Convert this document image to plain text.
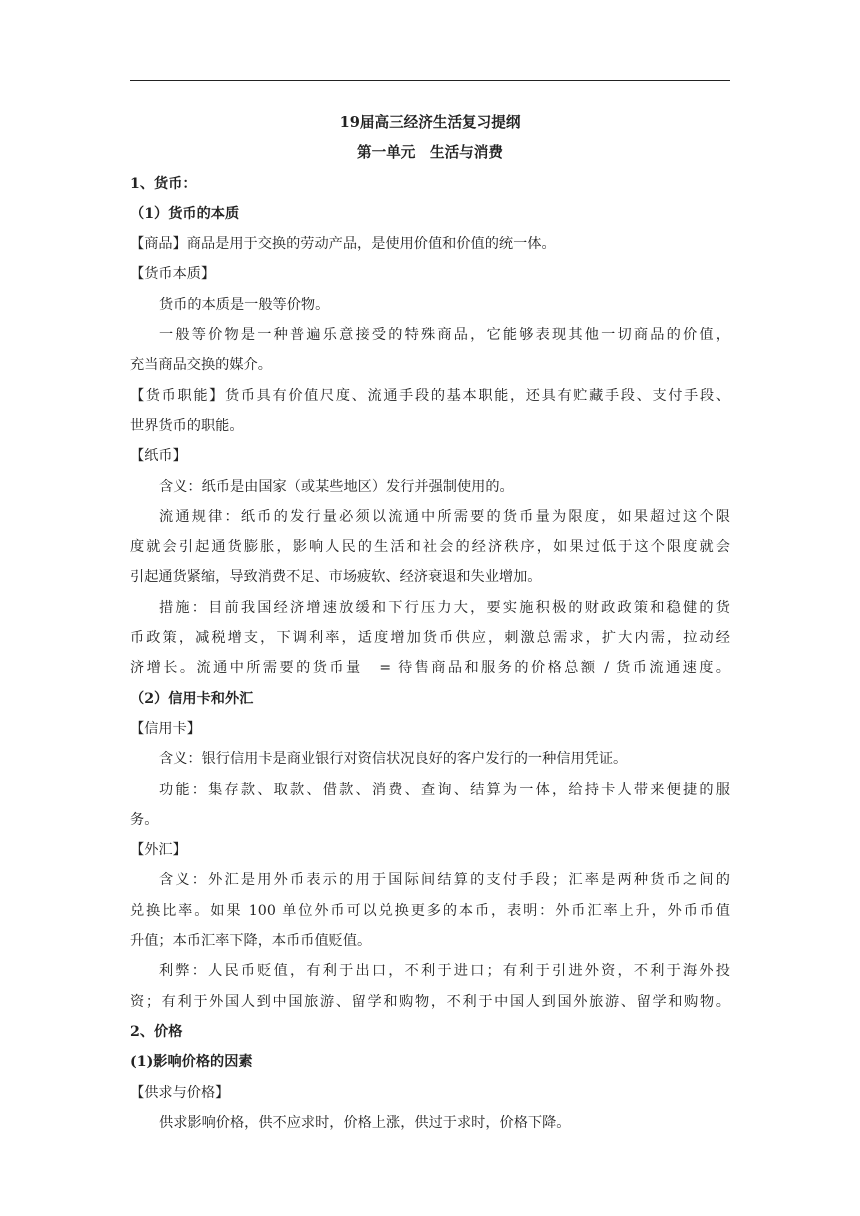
19届高三经济生活复习提纲
第一单元　生活与消费
1、货币：
（1）货币的本质
【商品】商品是用于交换的劳动产品，是使用价值和价值的统一体。
【货币本质】
货币的本质是一般等价物。
一般等价物是一种普遍乐意接受的特殊商品，它能够表现其他一切商品的价值，
充当商品交换的媒介。
【货币职能】货币具有价值尺度、流通手段的基本职能，还具有贮藏手段、支付手段、
世界货币的职能。
【纸币】
含义：纸币是由国家（或某些地区）发行并强制使用的。
流通规律：纸币的发行量必须以流通中所需要的货币量为限度，如果超过这个限
度就会引起通货膨胀，影响人民的生活和社会的经济秩序，如果过低于这个限度就会
引起通货紧缩，导致消费不足、市场疲软、经济衰退和失业增加。
措施：目前我国经济增速放缓和下行压力大，要实施积极的财政政策和稳健的货
币政策，减税增支，下调利率，适度增加货币供应，刺激总需求，扩大内需，拉动经
济增长。流通中所需要的货币量　= 待售商品和服务的价格总额 / 货币流通速度。
（2）信用卡和外汇
【信用卡】
含义：银行信用卡是商业银行对资信状况良好的客户发行的一种信用凭证。
功能：集存款、取款、借款、消费、查询、结算为一体，给持卡人带来便捷的服
务。
【外汇】
含义：外汇是用外币表示的用于国际间结算的支付手段；汇率是两种货币之间的
兑换比率。如果 100 单位外币可以兑换更多的本币，表明：外币汇率上升，外币币值
升值；本币汇率下降，本币币值贬值。
利弊：人民币贬值，有利于出口，不利于进口；有利于引进外资，不利于海外投
资；有利于外国人到中国旅游、留学和购物，不利于中国人到国外旅游、留学和购物。
2、价格
(1)影响价格的因素
【供求与价格】
供求影响价格，供不应求时，价格上涨，供过于求时，价格下降。
